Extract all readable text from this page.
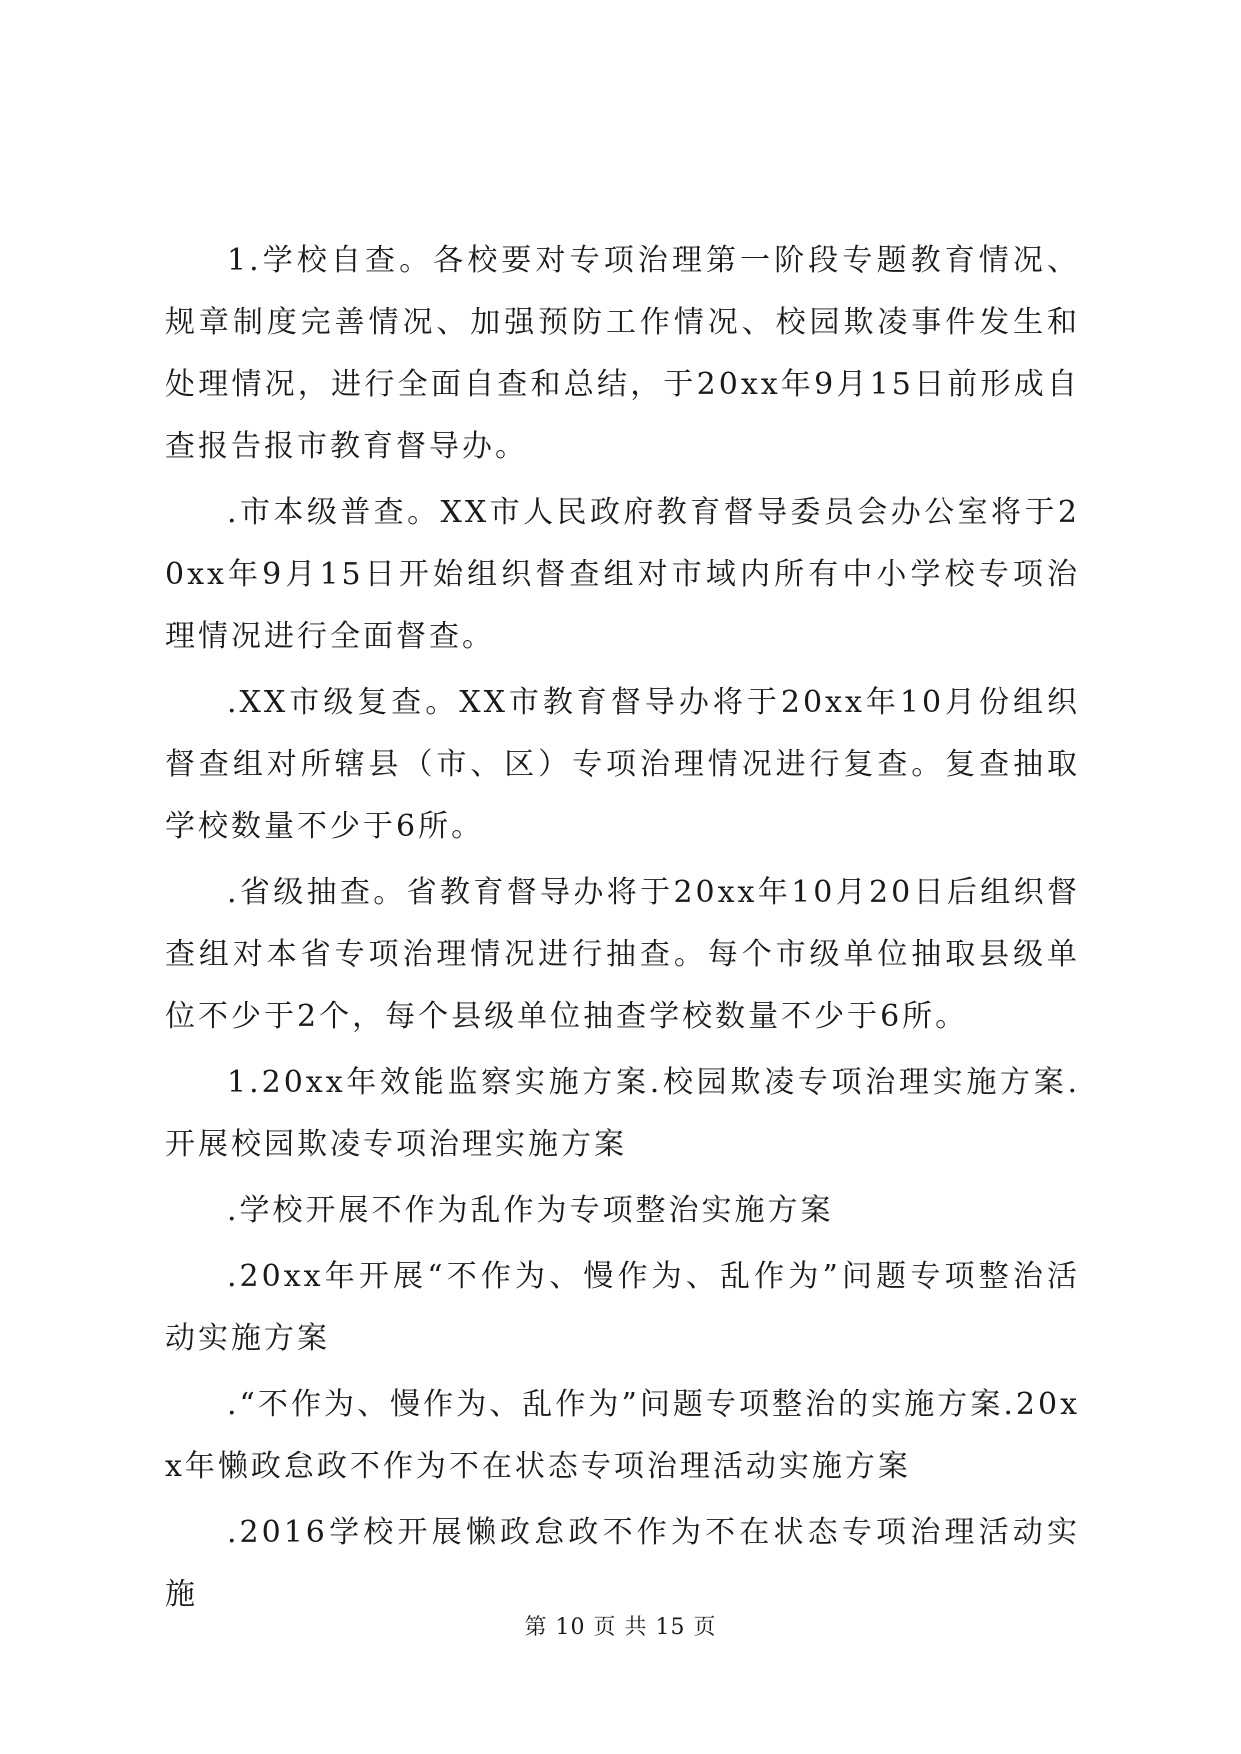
1.学校自查。各校要对专项治理第一阶段专题教育情况、规章制度完善情况、加强预防工作情况、校园欺凌事件发生和处理情况，进行全面自查和总结，于20xx年9月15日前形成自查报告报市教育督导办。

.市本级普查。XX市人民政府教育督导委员会办公室将于20xx年9月15日开始组织督查组对市域内所有中小学校专项治理情况进行全面督查。

.XX市级复查。XX市教育督导办将于20xx年10月份组织督查组对所辖县（市、区）专项治理情况进行复查。复查抽取学校数量不少于6所。

.省级抽查。省教育督导办将于20xx年10月20日后组织督查组对本省专项治理情况进行抽查。每个市级单位抽取县级单位不少于2个，每个县级单位抽查学校数量不少于6所。

1.20xx年效能监察实施方案.校园欺凌专项治理实施方案.开展校园欺凌专项治理实施方案

.学校开展不作为乱作为专项整治实施方案

.20xx年开展“不作为、慢作为、乱作为”问题专项整治活动实施方案

.“不作为、慢作为、乱作为”问题专项整治的实施方案.20xx年懒政怠政不作为不在状态专项治理活动实施方案

.2016学校开展懒政怠政不作为不在状态专项治理活动实施

第 10 页 共 15 页
